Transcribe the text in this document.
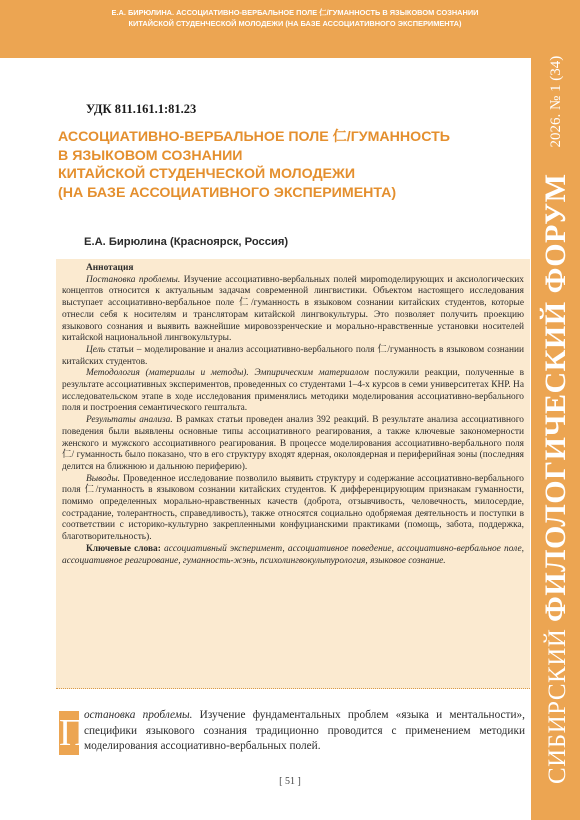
Е.А. БИРЮЛИНА. АССОЦИАТИВНО-ВЕРБАЛЬНОЕ ПОЛЕ 仁/ГУМАННОСТЬ В ЯЗЫКОВОМ СОЗНАНИИ
КИТАЙСКОЙ СТУДЕНЧЕСКОЙ МОЛОДЕЖИ (НА БАЗЕ АССОЦИАТИВНОГО ЭКСПЕРИМЕНТА)
СИБИРСКИЙ ФИЛОЛОГИЧЕСКИЙ ФОРУМ
2026. № 1 (34)
УДК 811.161.1:81.23
АССОЦИАТИВНО-ВЕРБАЛЬНОЕ ПОЛЕ 仁/ГУМАННОСТЬ
В ЯЗЫКОВОМ СОЗНАНИИ
КИТАЙСКОЙ СТУДЕНЧЕСКОЙ МОЛОДЕЖИ
(НА БАЗЕ АССОЦИАТИВНОГО ЭКСПЕРИМЕНТА)
Е.А. Бирюлина (Красноярск, Россия)

Аннотация

Постановка проблемы. Изучение ассоциативно-вербальных полей мироmоделирующих и аксиологических концептов относится к актуальным задачам современной лингвистики. Объектом настоящего исследования выступает ассоциативно-вербальное поле 仁/гуманность в языковом сознании китайских студентов, которые отнесли себя к носителям и трансляторам китайской лингвокультуры. Это позволяет получить проекцию языкового сознания и выявить важнейшие мировоззренческие и морально-нравственные установки носителей китайской национальной лингвокультуры.

Цель статьи – моделирование и анализ ассоциативно-вербального поля 仁/гуманность в языковом сознании китайских студентов.

Методология (материалы и методы). Эмпирическим материалом послужили реакции, полученные в результате ассоциативных экспериментов, проведенных со студентами 1–4-х курсов в семи университетах КНР. На исследовательском этапе в ходе исследования применялись методики моделирования ассоциативно-вербального поля и построения семантического гештальта.

Результаты анализа. В рамках статьи проведен анализ 392 реакций. В результате анализа ассоциативного поведения были выявлены основные типы ассоциативного реагирования, а также ключевые закономерности женского и мужского ассоциативного реагирования. В процессе моделирования ассоциативно-вербального поля 仁/ гуманность было показано, что в его структуру входят ядерная, околоядерная и периферийная зоны (последняя делится на ближнюю и дальнюю периферию).

Выводы. Проведенное исследование позволило выявить структуру и содержание ассоциативно-вербального поля 仁/гуманность в языковом сознании китайских студентов. К дифференцирующим признакам гуманности, помимо определенных морально-нравственных качеств (доброта, отзывчивость, человечность, милосердие, сострадание, толерантность, справедливость), также относятся социально одобряемая деятельность и поступки в соответствии с историко-культурно закрепленными конфуцианскими практиками (помощь, забота, поддержка, благотворительность).

Ключевые слова: ассоциативный эксперимент, ассоциативное поведение, ассоциативно-вербальное поле, ассоциативное реагирование, гуманность-жэнь, психолингвокультурология, языковое сознание.

П
остановка проблемы. Изучение фундаментальных проблем «языка и ментальности», специфики языкового сознания традиционно проводится с применением методики моделирования ассоциативно-вербальных полей.
[ 51 ]
